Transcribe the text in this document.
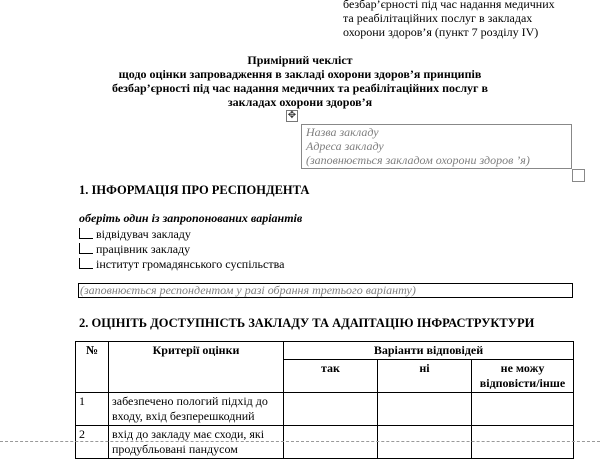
безбар’єрності під час надання медичних
та реабілітаційних послуг в закладах
охорони здоров’я (пункт 7 розділу IV)
Примірний чекліст
щодо оцінки запровадження в закладі охорони здоров’я принципів
безбар’єрності під час надання медичних та реабілітаційних послуг в
закладах охорони здоров’я
✥
Назва закладу
Адреса закладу
(заповнюється закладом охорони здоров ’я)
1. ІНФОРМАЦІЯ ПРО РЕСПОНДЕНТА
оберіть один із запропонованих варіантів
відвідувач закладу
працівник закладу
інститут громадянського суспільства
(заповнюється респондентом у разі обрання третього варіанту)
2. ОЦІНІТЬ ДОСТУПНІСТЬ ЗАКЛАДУ ТА АДАПТАЦІЮ ІНФРАСТРУКТУРИ
№	Критерії оцінки	Варіанти відповідей		
		так	ні	не можу відповісти/інше
1	забезпечено пологий підхід до входу, вхід безперешкодний			
2	вхід до закладу має сходи, які продубльовані пандусом			
